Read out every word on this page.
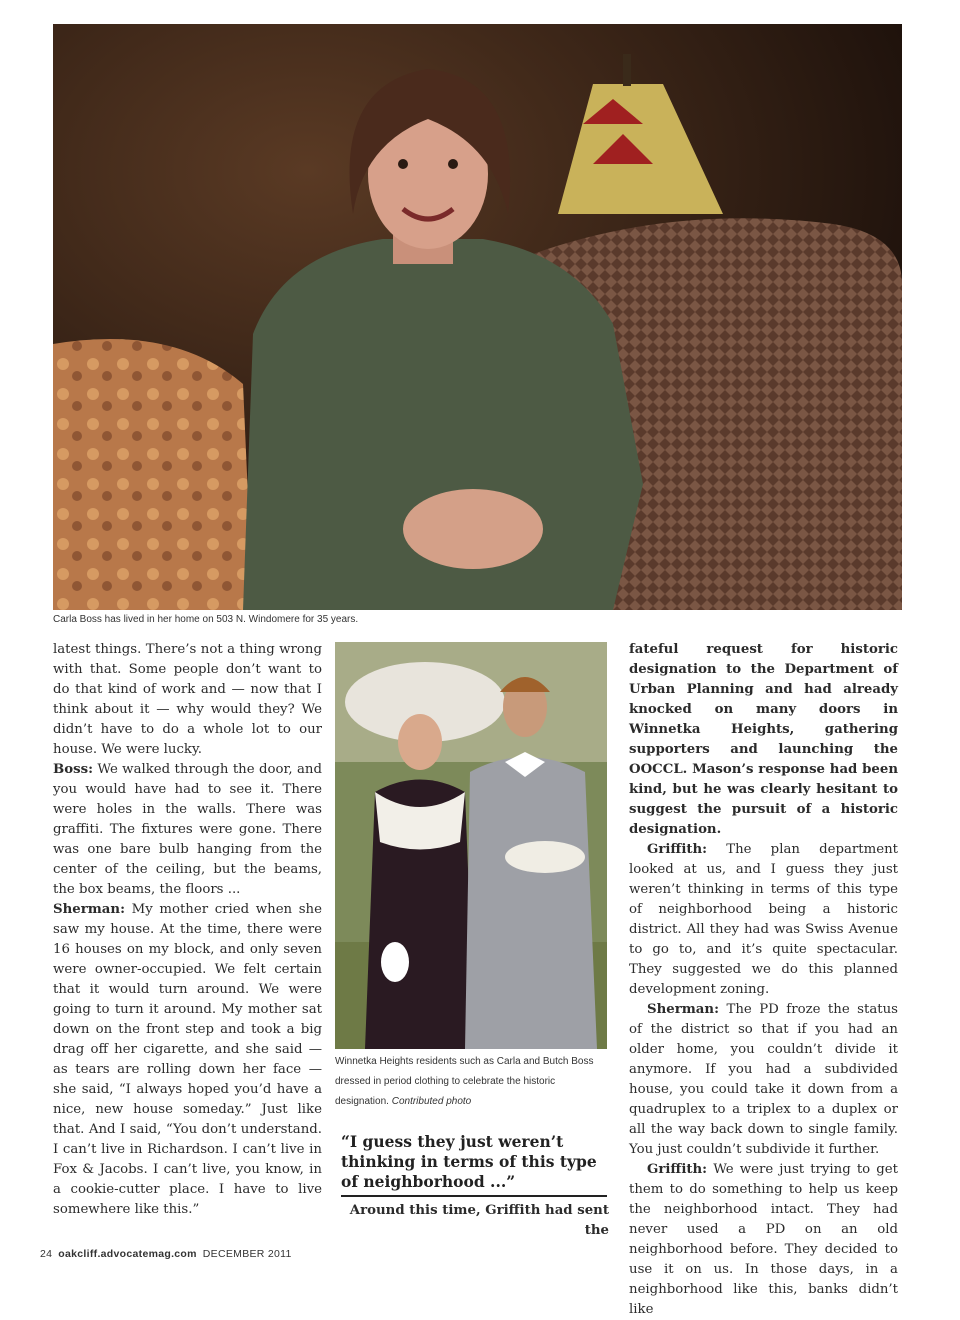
Carla Boss has lived in her home on 503 N. Windomere for 35 years.

latest things. There’s not a thing wrong with that. Some people don’t want to do that kind of work and — now that I think about it — why would they? We didn’t have to do a whole lot to our house. We were lucky.

Boss: We walked through the door, and you would have had to see it. There were holes in the walls. There was graffiti. The fixtures were gone. There was one bare bulb hanging from the center of the ceiling, but the beams, the box beams, the floors ...

Sherman: My mother cried when she saw my house. At the time, there were 16 houses on my block, and only seven were owner-occupied. We felt certain that it would turn around. We were going to turn it around. My mother sat down on the front step and took a big drag off her cigarette, and she said — as tears are rolling down her face — she said, “I always hoped you’d have a nice, new house someday.” Just like that. And I said, “You don’t understand. I can’t live in Richardson. I can’t live in Fox & Jacobs. I can’t live, you know, in a cookie-cutter place. I have to live somewhere like this.”

Winnetka Heights residents such as Carla and Butch Boss dressed in period clothing to celebrate the historic designation. Contributed photo
“I guess they just weren’t thinking in terms of this type of neighborhood ...”
Around this time, Griffith had sent the

fateful request for historic designation to the Department of Urban Planning and had already knocked on many doors in Winnetka Heights, gathering supporters and launching the OOCCL. Mason’s response had been kind, but he was clearly hesitant to suggest the pursuit of a historic designation.

Griffith: The plan department looked at us, and I guess they just weren’t thinking in terms of this type of neighborhood being a historic district. All they had was Swiss Avenue to go to, and it’s quite spectacular. They suggested we do this planned development zoning.

Sherman: The PD froze the status of the district so that if you had an older home, you couldn’t divide it anymore. If you had a subdivided house, you could take it down from a quadruplex to a triplex to a duplex or all the way back down to single family. You just couldn’t subdivide it further.

Griffith: We were just trying to get them to do something to help us keep the neighborhood intact. They had never used a PD on an old neighborhood before. They decided to use it on us. In those days, in a neighborhood like this, banks didn’t like

24 oakcliff.advocatemag.com DECEMBER 2011
